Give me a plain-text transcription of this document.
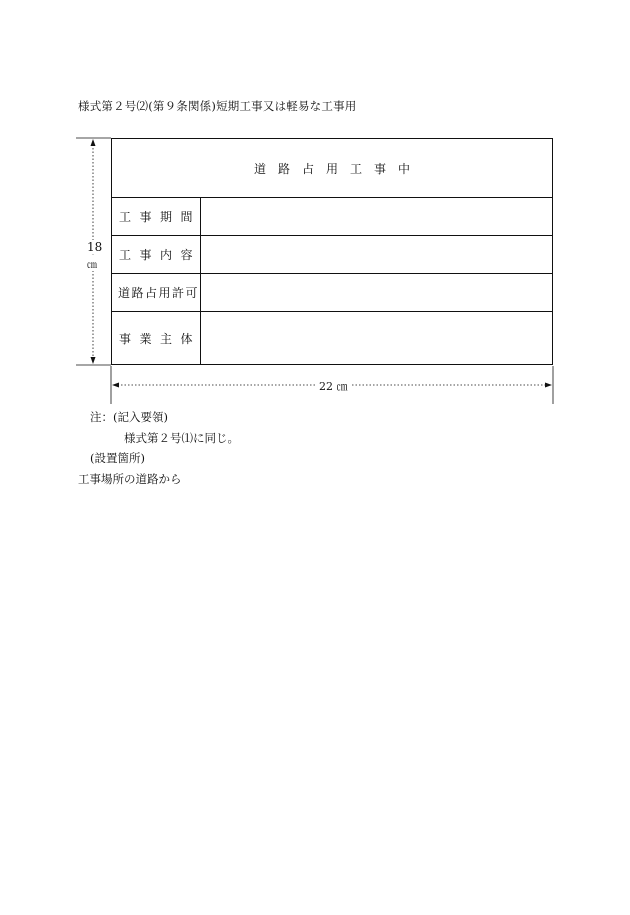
様式第２号⑵(第９条関係)短期工事又は軽易な工事用
18
㎝
22 ㎝
道路占用工事中
工事期間
工事内容
道路占用許可
事業主体
注：(記入要領)
様式第２号⑴に同じ。
(設置箇所)
工事場所の道路から
